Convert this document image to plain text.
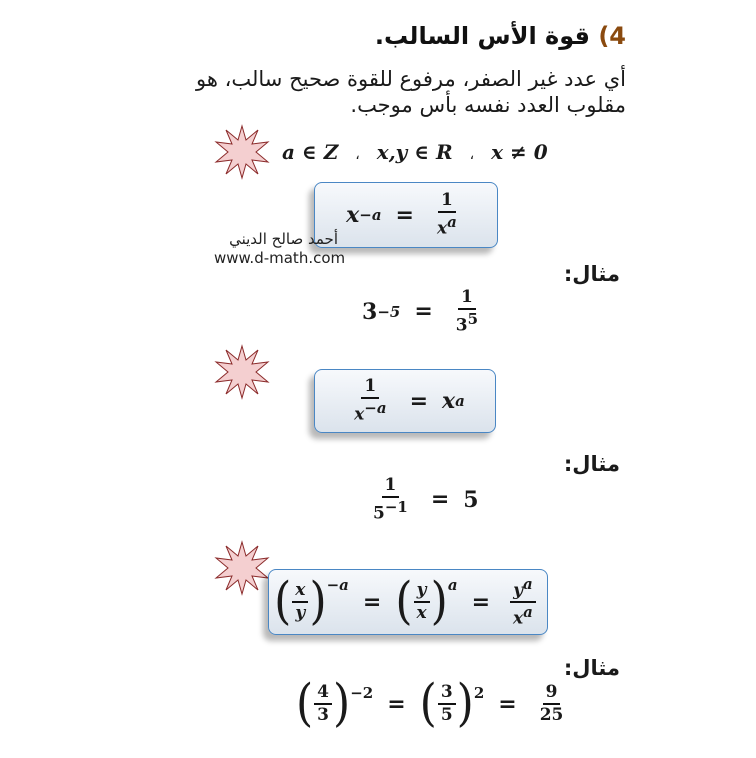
4) قوة الأس السالب.
أي عدد غير الصفر، مرفوع للقوة صحيح سالب، هو
مقلوب العدد نفسه بأس موجب.
a ∈ Z ، x,y ∈ R ، x ≠ 0
$x -a = \frac{1}{xa}$
أحمد صالح الديني
www.d-math.com
مثال:
$3 -5 = \frac{1}{35}$
$\frac{1}{x-a} = x$ a
مثال:
$\frac{1}{5-1} = 5$
( $\frac{x}{y}$ ) −a
= ( $\frac{y}{x}$ ) a
= $\frac{ya}{xa}$
مثال:
( $\frac{4}{3}$ ) −2 = ( $\frac{3}{5}$ ) $2 = \frac{9}{25}$
